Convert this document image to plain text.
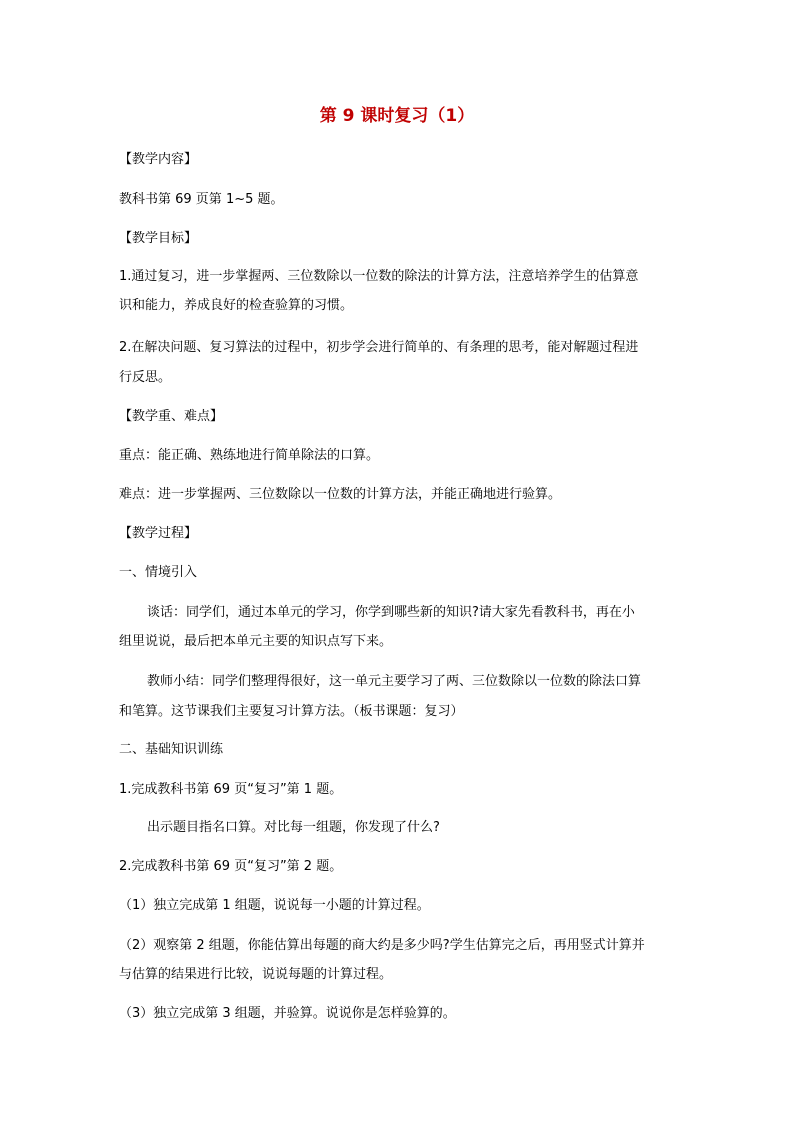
第 9 课时复习（1）
【教学内容】
教科书第 69 页第 1~5 题。
【教学目标】
1.通过复习，进一步掌握两、三位数除以一位数的除法的计算方法，注意培养学生的估算意
识和能力，养成良好的检查验算的习惯。
2.在解决问题、复习算法的过程中，初步学会进行简单的、有条理的思考，能对解题过程进
行反思。
【教学重、难点】
重点：能正确、熟练地进行简单除法的口算。
难点：进一步掌握两、三位数除以一位数的计算方法，并能正确地进行验算。
【教学过程】
一、情境引入
谈话：同学们，通过本单元的学习，你学到哪些新的知识?请大家先看教科书，再在小
组里说说，最后把本单元主要的知识点写下来。
教师小结：同学们整理得很好，这一单元主要学习了两、三位数除以一位数的除法口算
和笔算。这节课我们主要复习计算方法。（板书课题：复习）
二、基础知识训练
1.完成教科书第 69 页“复习”第 1 题。
出示题目指名口算。对比每一组题，你发现了什么?
2.完成教科书第 69 页“复习”第 2 题。
（1）独立完成第 1 组题，说说每一小题的计算过程。
（2）观察第 2 组题，你能估算出每题的商大约是多少吗?学生估算完之后，再用竖式计算并
与估算的结果进行比较，说说每题的计算过程。
（3）独立完成第 3 组题，并验算。说说你是怎样验算的。
